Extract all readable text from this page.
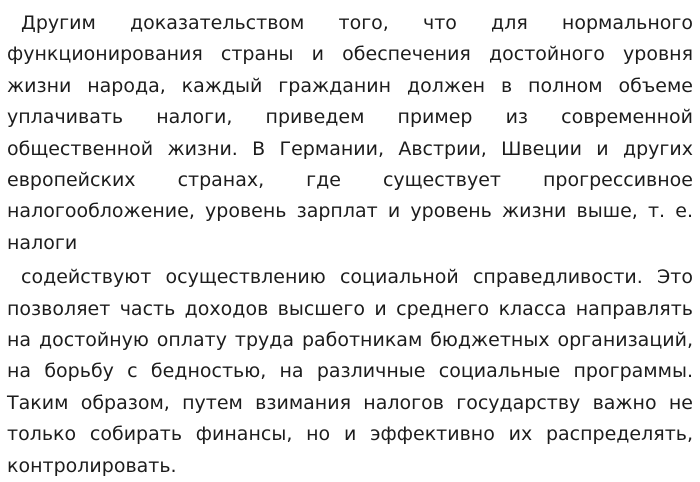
Другим доказательством того, что для нормального функционирования страны и обеспечения достойного уровня жизни народа, каждый гражданин должен в полном объеме уплачивать налоги, приведем пример из современной общественной жизни. В Германии, Австрии, Швеции и других европейских странах, где существует прогрессивное налогообложение, уровень зарплат и уровень жизни выше, т. е. налоги

содействуют осуществлению социальной справедливости. Это позволяет часть доходов высшего и среднего класса направлять на достойную оплату труда работникам бюджетных организаций, на борьбу с бедностью, на различные социальные программы. Таким образом, путем взимания налогов государству важно не только собирать финансы, но и эффективно их распределять, контролировать.
